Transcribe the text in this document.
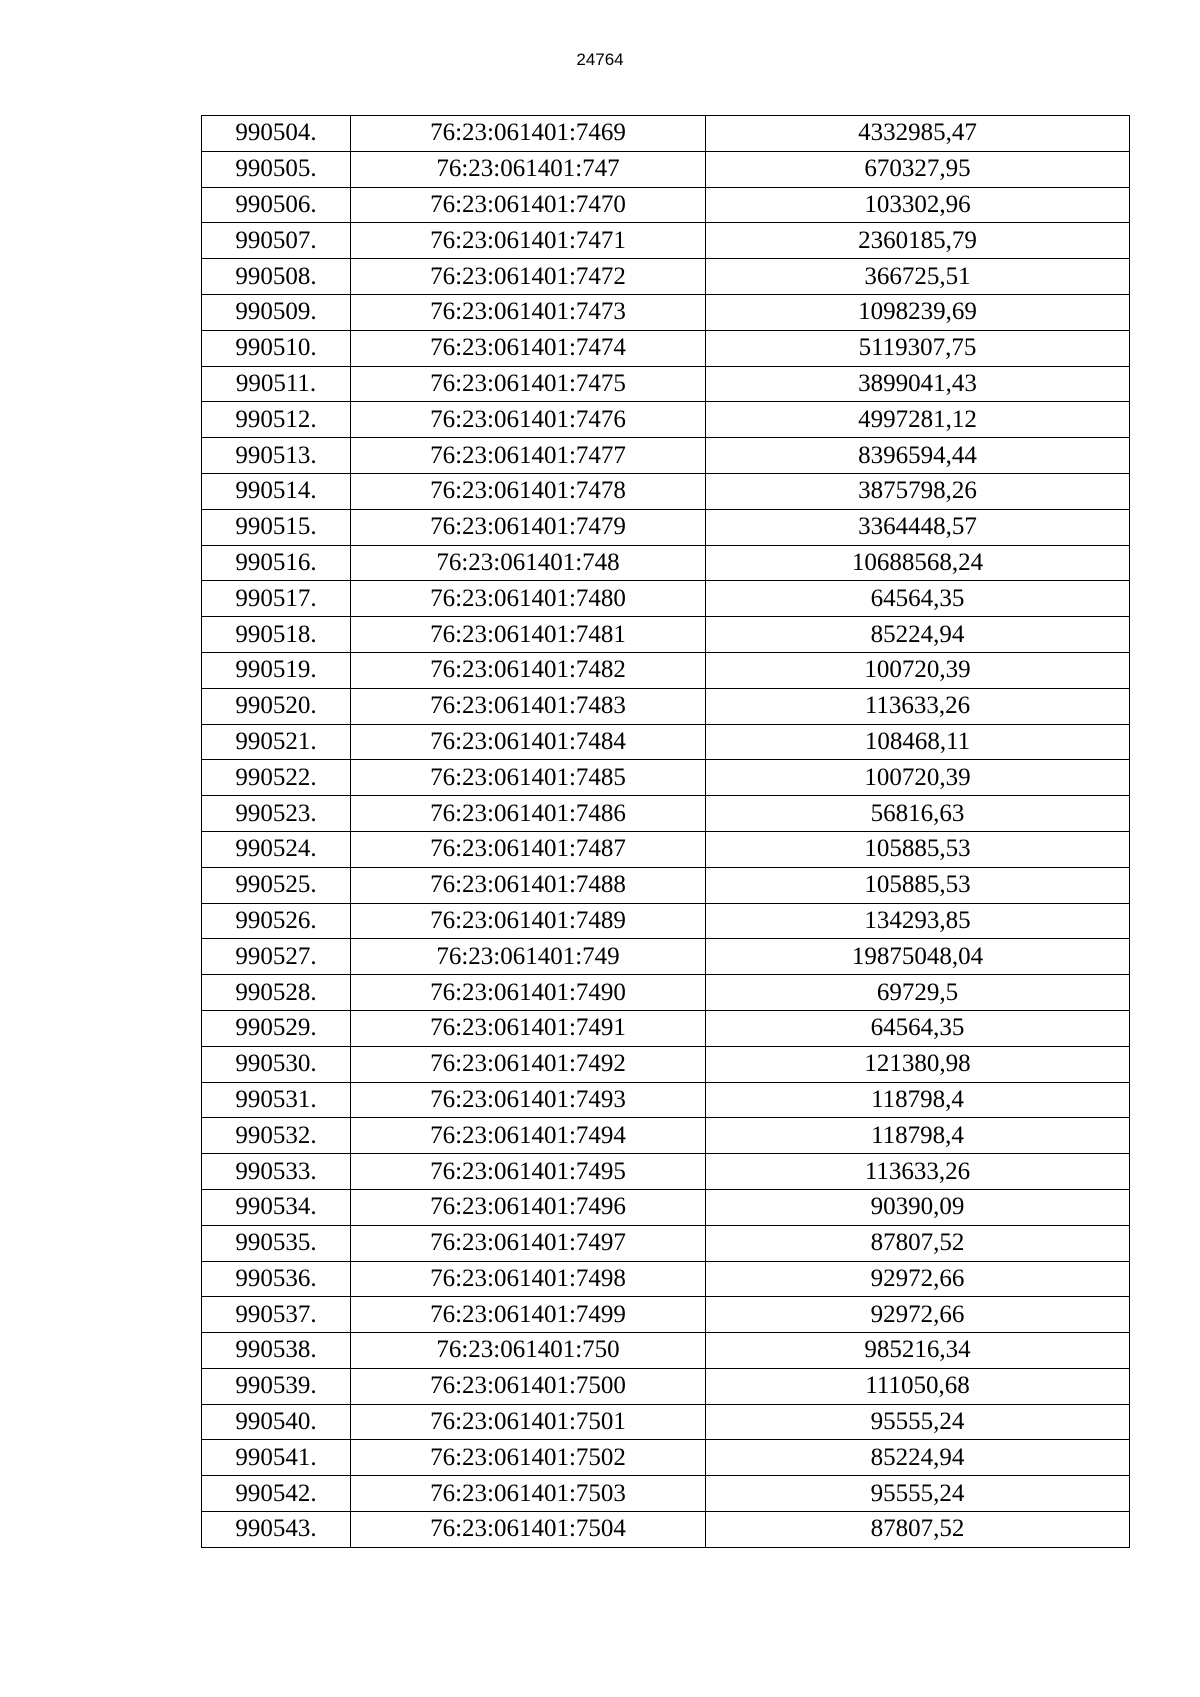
24764
990504.	76:23:061401:7469	4332985,47
990505.	76:23:061401:747	670327,95
990506.	76:23:061401:7470	103302,96
990507.	76:23:061401:7471	2360185,79
990508.	76:23:061401:7472	366725,51
990509.	76:23:061401:7473	1098239,69
990510.	76:23:061401:7474	5119307,75
990511.	76:23:061401:7475	3899041,43
990512.	76:23:061401:7476	4997281,12
990513.	76:23:061401:7477	8396594,44
990514.	76:23:061401:7478	3875798,26
990515.	76:23:061401:7479	3364448,57
990516.	76:23:061401:748	10688568,24
990517.	76:23:061401:7480	64564,35
990518.	76:23:061401:7481	85224,94
990519.	76:23:061401:7482	100720,39
990520.	76:23:061401:7483	113633,26
990521.	76:23:061401:7484	108468,11
990522.	76:23:061401:7485	100720,39
990523.	76:23:061401:7486	56816,63
990524.	76:23:061401:7487	105885,53
990525.	76:23:061401:7488	105885,53
990526.	76:23:061401:7489	134293,85
990527.	76:23:061401:749	19875048,04
990528.	76:23:061401:7490	69729,5
990529.	76:23:061401:7491	64564,35
990530.	76:23:061401:7492	121380,98
990531.	76:23:061401:7493	118798,4
990532.	76:23:061401:7494	118798,4
990533.	76:23:061401:7495	113633,26
990534.	76:23:061401:7496	90390,09
990535.	76:23:061401:7497	87807,52
990536.	76:23:061401:7498	92972,66
990537.	76:23:061401:7499	92972,66
990538.	76:23:061401:750	985216,34
990539.	76:23:061401:7500	111050,68
990540.	76:23:061401:7501	95555,24
990541.	76:23:061401:7502	85224,94
990542.	76:23:061401:7503	95555,24
990543.	76:23:061401:7504	87807,52
